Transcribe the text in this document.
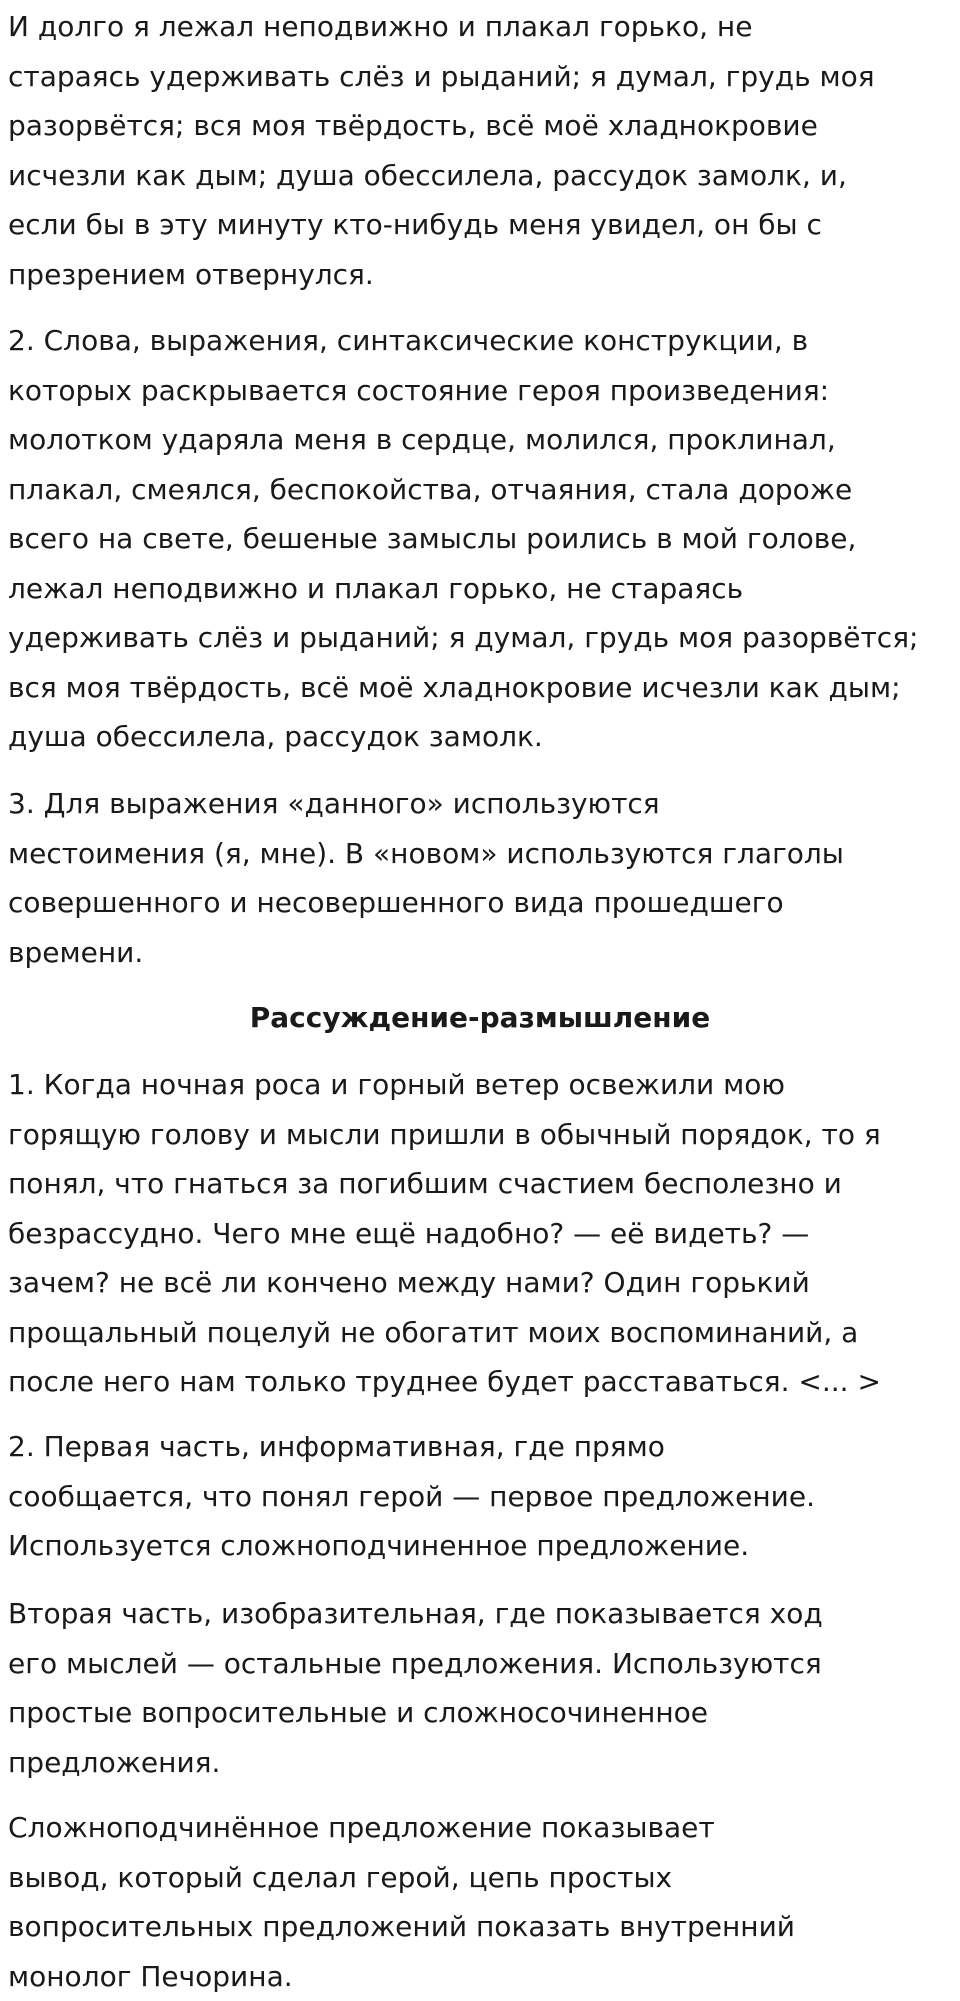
И долго я лежал неподвижно и плакал горько, не
стараясь удерживать слёз и рыданий; я думал, грудь моя
разорвётся; вся моя твёрдость, всё моё хладнокровие
исчезли как дым; душа обессилела, рассудок замолк, и,
если бы в эту минуту кто-нибудь меня увидел, он бы с
презрением отвернулся.

2. Слова, выражения, синтаксические конструкции, в
которых раскрывается состояние героя произведения:
молотком ударяла меня в сердце, молился, проклинал,
плакал, смеялся, беспокойства, отчаяния, стала дороже
всего на свете, бешеные замыслы роились в мой голове,
лежал неподвижно и плакал горько, не стараясь
удерживать слёз и рыданий; я думал, грудь моя разорвётся;
вся моя твёрдость, всё моё хладнокровие исчезли как дым;
душа обессилела, рассудок замолк.

3. Для выражения «данного» используются
местоимения (я, мне). В «новом» используются глаголы
совершенного и несовершенного вида прошедшего
времени.

Рассуждение-размышление

1. Когда ночная роса и горный ветер освежили мою
горящую голову и мысли пришли в обычный порядок, то я
понял, что гнаться за погибшим счастием бесполезно и
безрассудно. Чего мне ещё надобно? — её видеть? —
зачем? не всё ли кончено между нами? Один горький
прощальный поцелуй не обогатит моих воспоминаний, а
после него нам только труднее будет расставаться. <... >

2. Первая часть, информативная, где прямо
сообщается, что понял герой — первое предложение.
Используется сложноподчиненное предложение.

Вторая часть, изобразительная, где показывается ход
его мыслей — остальные предложения. Используются
простые вопросительные и сложносочиненное
предложения.

Сложноподчинённое предложение показывает
вывод, который сделал герой, цепь простых
вопросительных предложений показать внутренний
монолог Печорина.
